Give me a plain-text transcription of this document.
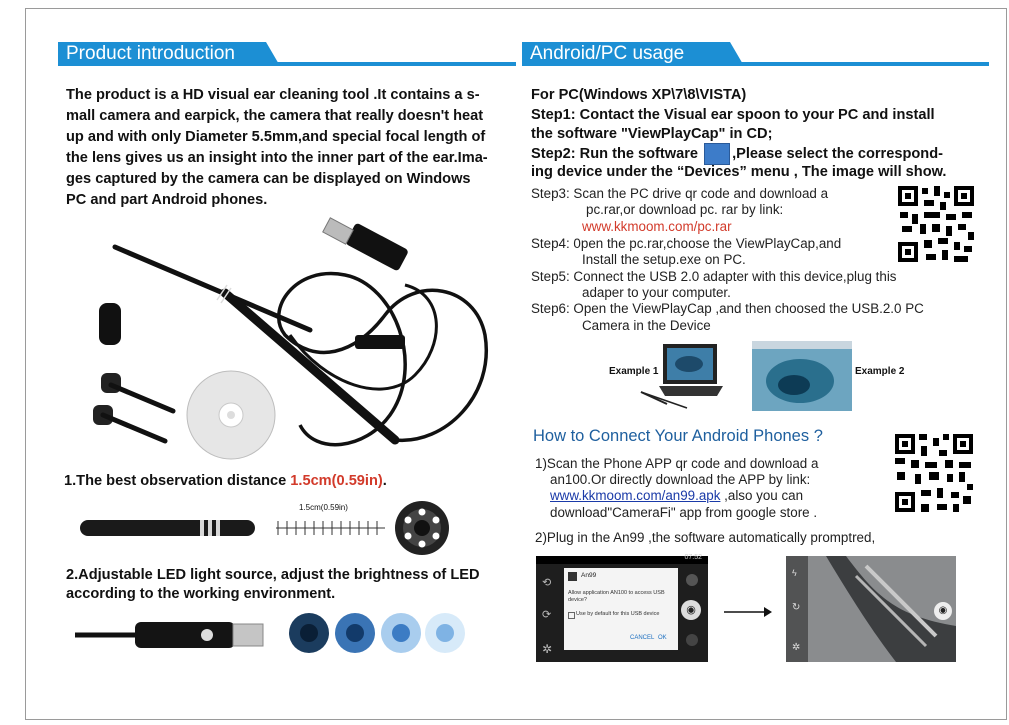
Product introduction
The product is a HD visual ear cleaning tool .It contains a s-
mall camera and earpick, the camera that really doesn't heat
up and with only Diameter 5.5mm,and special focal length of
the lens gives us an insight into the inner part of the ear.Ima-
ges captured by the camera can be displayed on Windows
PC and part Android phones.
1.The best observation distance 1.5cm(0.59in).
1.5cm(0.59in)
2.Adjustable LED light source, adjust the brightness of LED
according to the working environment.
Android/PC usage
For PC(Windows XP\7\8\VISTA)
Step1: Contact the Visual ear spoon to your PC and install
the software "ViewPlayCap" in CD;
Step2: Run the software ,Please select the correspond-
ing device under the “Devices” menu , The image will show.
Step3: Scan the PC drive qr code and download a
pc.rar,or download pc. rar by link:
www.kkmoom.com/pc.rar
Step4: 0pen the pc.rar,choose the ViewPlayCap,and
Install the setup.exe on PC.
Step5: Connect the USB 2.0 adapter with this device,plug this
adaper to your computer.
Step6: Open the ViewPlayCap ,and then choosed the USB.2.0 PC
Camera in the Device
Example 1	Example 2
How to Connect Your Android Phones ?
1)Scan the Phone APP qr code and download a
an100.Or directly download the APP by link:
www.kkmoom.com/an99.apk ,also you can
download"CameraFi" app from google store .
2)Plug in the An99 ,the software automatically promptred,
07:52
⟲
⟳
✲
An99
Allow application AN100 to access USB device?
Use by default for this USB device
CANCEL OK
◉
ϟ
↻
✲
◉
